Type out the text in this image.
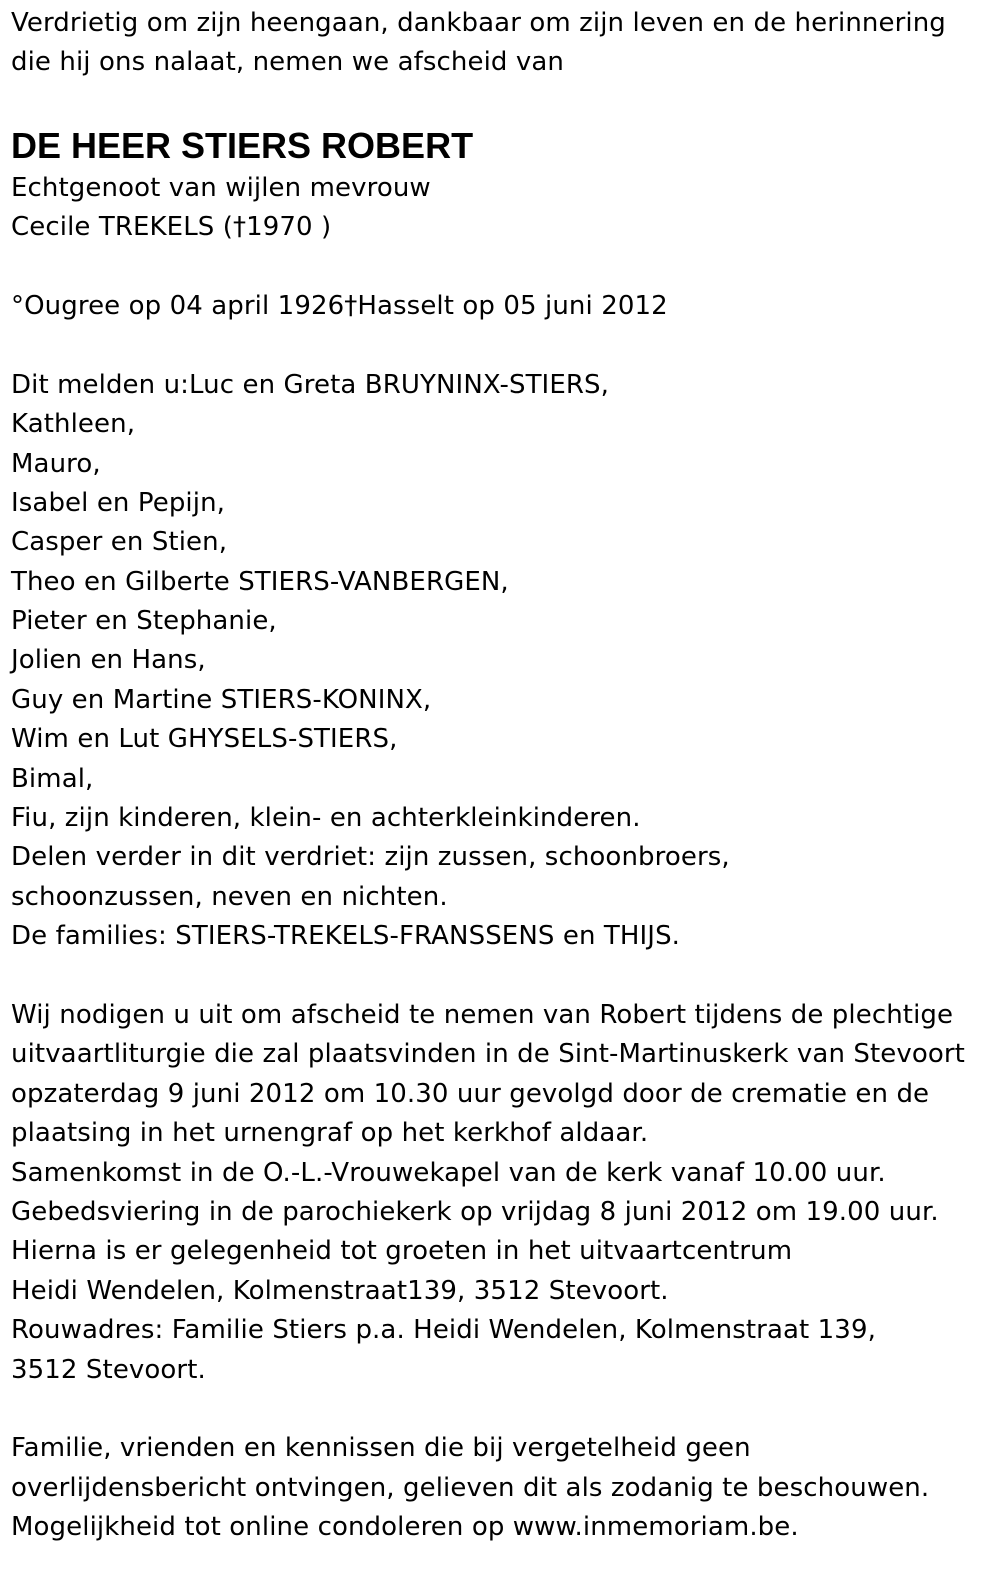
Verdrietig om zijn heengaan, dankbaar om zijn leven en de herinnering
die hij ons nalaat, nemen we afscheid van
DE HEER STIERS ROBERT
Echtgenoot van wijlen mevrouw
Cecile TREKELS (†1970 )
°Ougree op 04 april 1926†Hasselt op 05 juni 2012
Dit melden u:Luc en Greta BRUYNINX-STIERS,
Kathleen,
Mauro,
Isabel en Pepijn,
Casper en Stien,
Theo en Gilberte STIERS-VANBERGEN,
Pieter en Stephanie,
Jolien en Hans,
Guy en Martine STIERS-KONINX,
Wim en Lut GHYSELS-STIERS,
Bimal,
Fiu, zijn kinderen, klein- en achterkleinkinderen.
Delen verder in dit verdriet: zijn zussen, schoonbroers,
schoonzussen, neven en nichten.
De families: STIERS-TREKELS-FRANSSENS en THIJS.
Wij nodigen u uit om afscheid te nemen van Robert tijdens de plechtige
uitvaartliturgie die zal plaatsvinden in de Sint-Martinuskerk van Stevoort
opzaterdag 9 juni 2012 om 10.30 uur gevolgd door de crematie en de
plaatsing in het urnengraf op het kerkhof aldaar.
Samenkomst in de O.-L.-Vrouwekapel van de kerk vanaf 10.00 uur.
Gebedsviering in de parochiekerk op vrijdag 8 juni 2012 om 19.00 uur.
Hierna is er gelegenheid tot groeten in het uitvaartcentrum
Heidi Wendelen, Kolmenstraat139, 3512 Stevoort.
Rouwadres: Familie Stiers p.a. Heidi Wendelen, Kolmenstraat 139,
3512 Stevoort.
Familie, vrienden en kennissen die bij vergetelheid geen
overlijdensbericht ontvingen, gelieven dit als zodanig te beschouwen.
Mogelijkheid tot online condoleren op www.inmemoriam.be.
